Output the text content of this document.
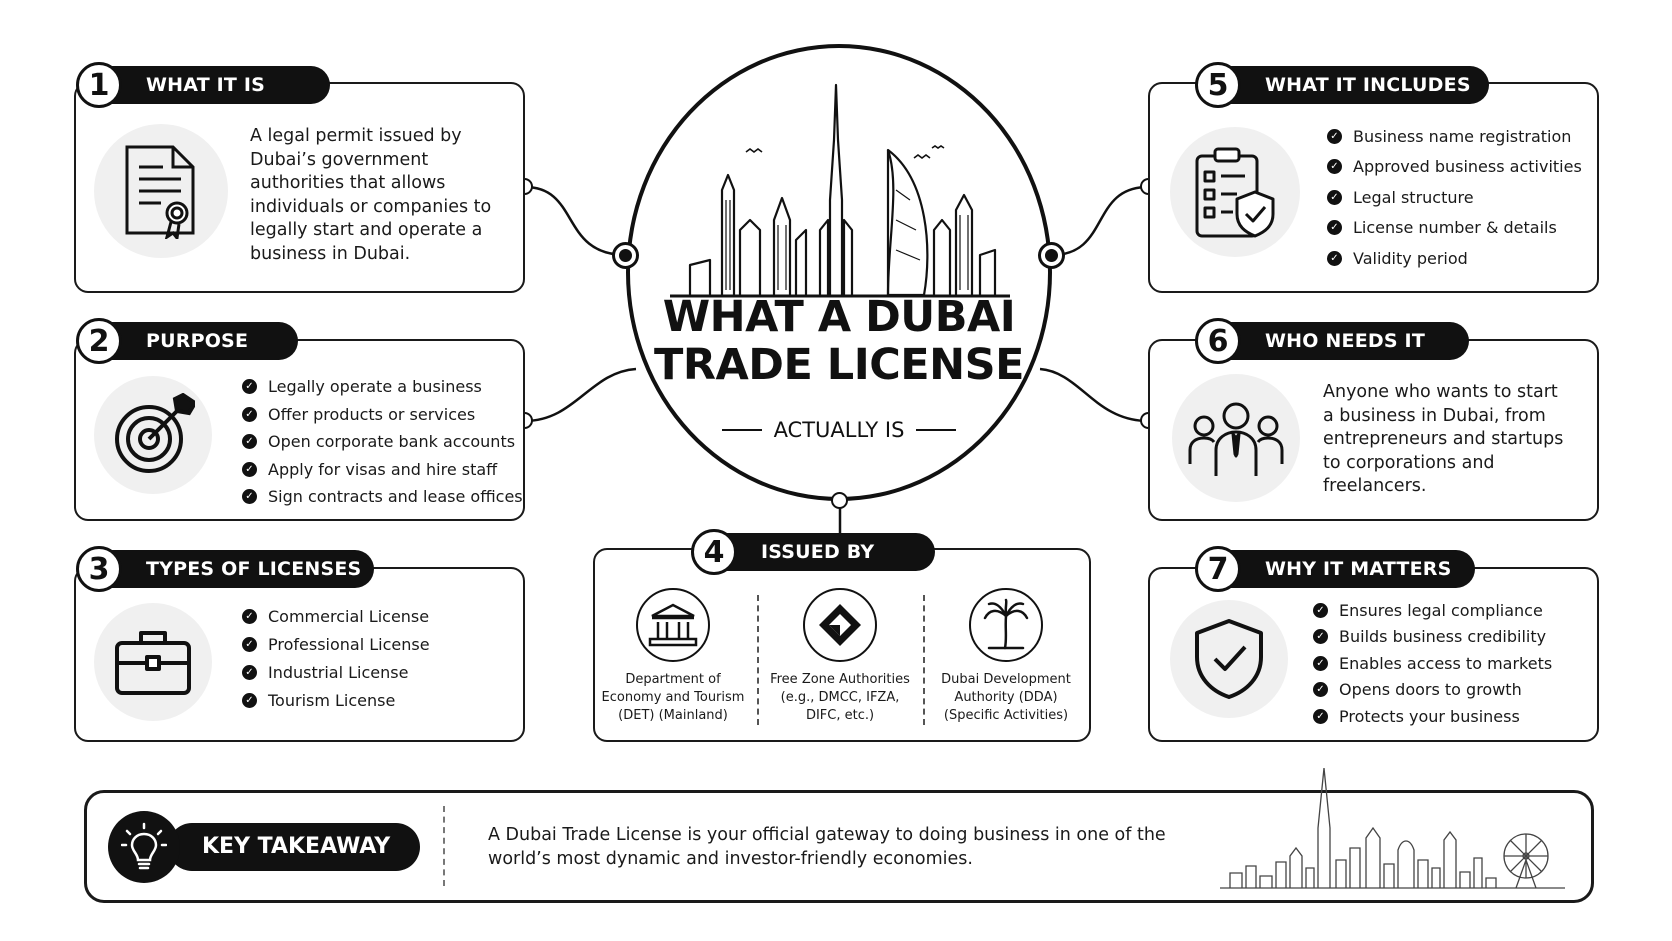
WHAT A DUBAI
TRADE LICENSE
ACTUALLY IS
1	WHAT IT IS
A legal permit issued by Dubai’s government authorities that allows individuals or companies to legally start and operate a business in Dubai.
2	PURPOSE
✓ Legally operate a business
✓ Offer products or services
✓ Open corporate bank accounts
✓ Apply for visas and hire staff
✓ Sign contracts and lease offices
3	TYPES OF LICENSES
✓ Commercial License
✓ Professional License
✓ Industrial License
✓ Tourism License
4	ISSUED BY
Department of Economy and Tourism (DET) (Mainland)
Free Zone Authorities (e.g., DMCC, IFZA, DIFC, etc.)
Dubai Development Authority (DDA) (Specific Activities)
5	WHAT IT INCLUDES
✓ Business name registration
✓ Approved business activities
✓ Legal structure
✓ License number & details
✓ Validity period
6	WHO NEEDS IT
Anyone who wants to start a business in Dubai, from entrepreneurs and startups to corporations and freelancers.
7	WHY IT MATTERS
✓ Ensures legal compliance
✓ Builds business credibility
✓ Enables access to markets
✓ Opens doors to growth
✓ Protects your business
KEY TAKEAWAY	A Dubai Trade License is your official gateway to doing business in one of the world’s most dynamic and investor-friendly economies.
